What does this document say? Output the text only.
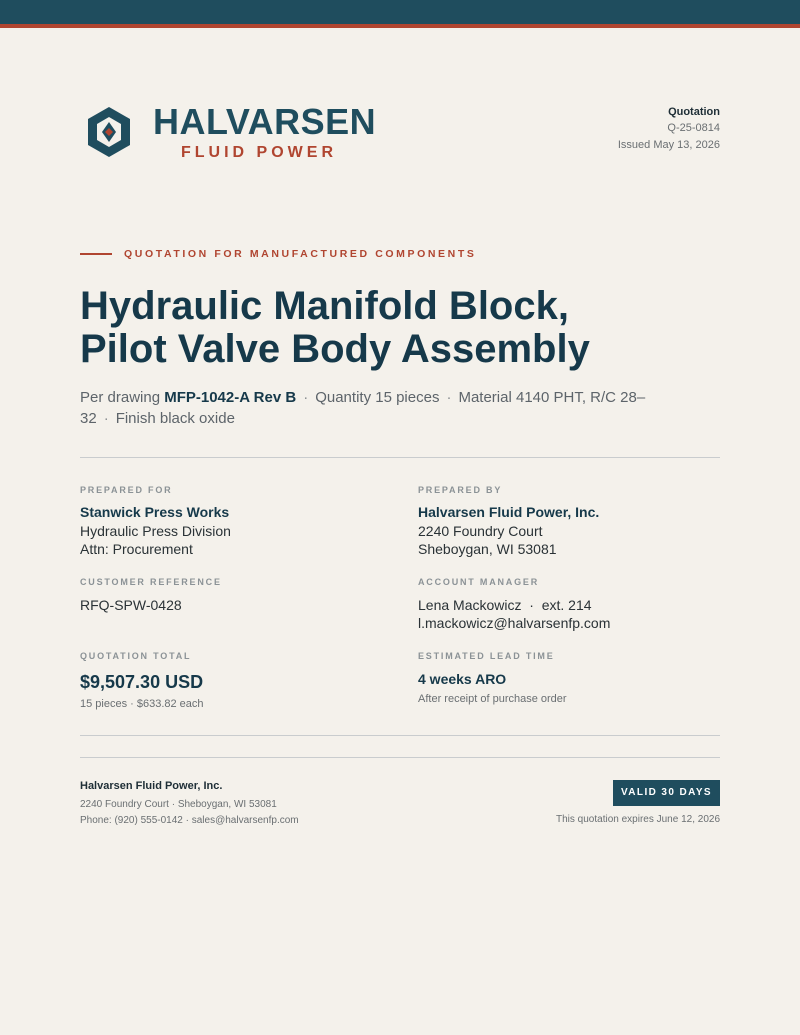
HALVARSEN
FLUID POWER
Quotation
Q-25-0814
Issued May 13, 2026
QUOTATION FOR MANUFACTURED COMPONENTS
Hydraulic Manifold Block,
Pilot Valve Body Assembly
Per drawing MFP-1042-A Rev B · Quantity 15 pieces · Material 4140 PHT, R/C 28–32 · Finish black oxide
PREPARED FOR
Stanwick Press Works
Hydraulic Press Division
Attn: Procurement
PREPARED BY
Halvarsen Fluid Power, Inc.
2240 Foundry Court
Sheboygan, WI 53081
CUSTOMER REFERENCE
RFQ-SPW-0428
ACCOUNT MANAGER
Lena Mackowicz  ·  ext. 214
l.mackowicz@halvarsenfp.com
QUOTATION TOTAL
$9,507.30 USD
15 pieces · $633.82 each
ESTIMATED LEAD TIME
4 weeks ARO
After receipt of purchase order
Halvarsen Fluid Power, Inc.
2240 Foundry Court · Sheboygan, WI 53081
Phone: (920) 555-0142 · sales@halvarsenfp.com
VALID 30 DAYS
This quotation expires June 12, 2026
